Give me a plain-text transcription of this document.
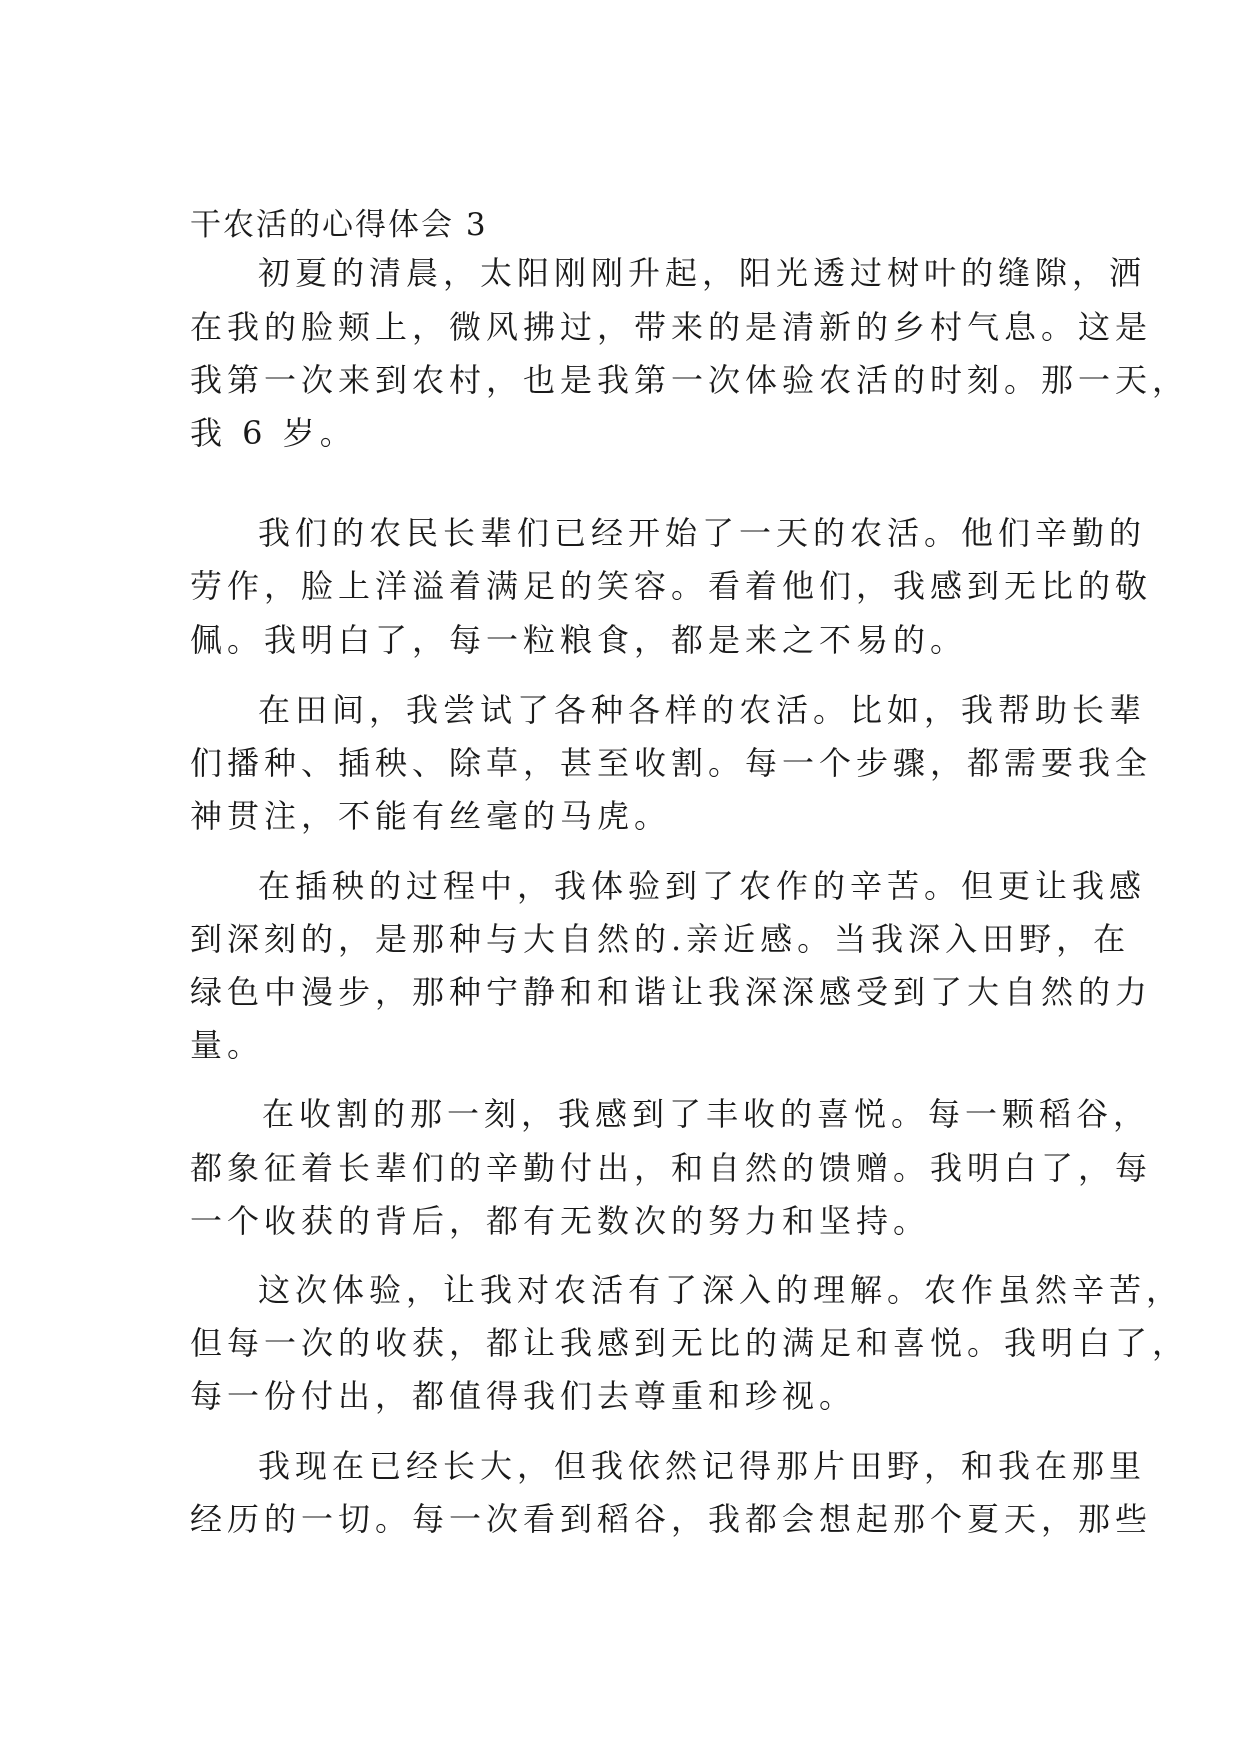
干农活的心得体会 3
初夏的清晨，太阳刚刚升起，阳光透过树叶的缝隙，洒
在我的脸颊上，微风拂过，带来的是清新的乡村气息。这是
我第一次来到农村，也是我第一次体验农活的时刻。那一天，
我 6 岁。
我们的农民长辈们已经开始了一天的农活。他们辛勤的
劳作，脸上洋溢着满足的笑容。看着他们，我感到无比的敬
佩。我明白了，每一粒粮食，都是来之不易的。
在田间，我尝试了各种各样的农活。比如，我帮助长辈
们播种、插秧、除草，甚至收割。每一个步骤，都需要我全
神贯注，不能有丝毫的马虎。
在插秧的过程中，我体验到了农作的辛苦。但更让我感
到深刻的，是那种与大自然的.亲近感。当我深入田野，在
绿色中漫步，那种宁静和和谐让我深深感受到了大自然的力
量。
在收割的那一刻，我感到了丰收的喜悦。每一颗稻谷，
都象征着长辈们的辛勤付出，和自然的馈赠。我明白了，每
一个收获的背后，都有无数次的努力和坚持。
这次体验，让我对农活有了深入的理解。农作虽然辛苦，
但每一次的收获，都让我感到无比的满足和喜悦。我明白了，
每一份付出，都值得我们去尊重和珍视。
我现在已经长大，但我依然记得那片田野，和我在那里
经历的一切。每一次看到稻谷，我都会想起那个夏天，那些
